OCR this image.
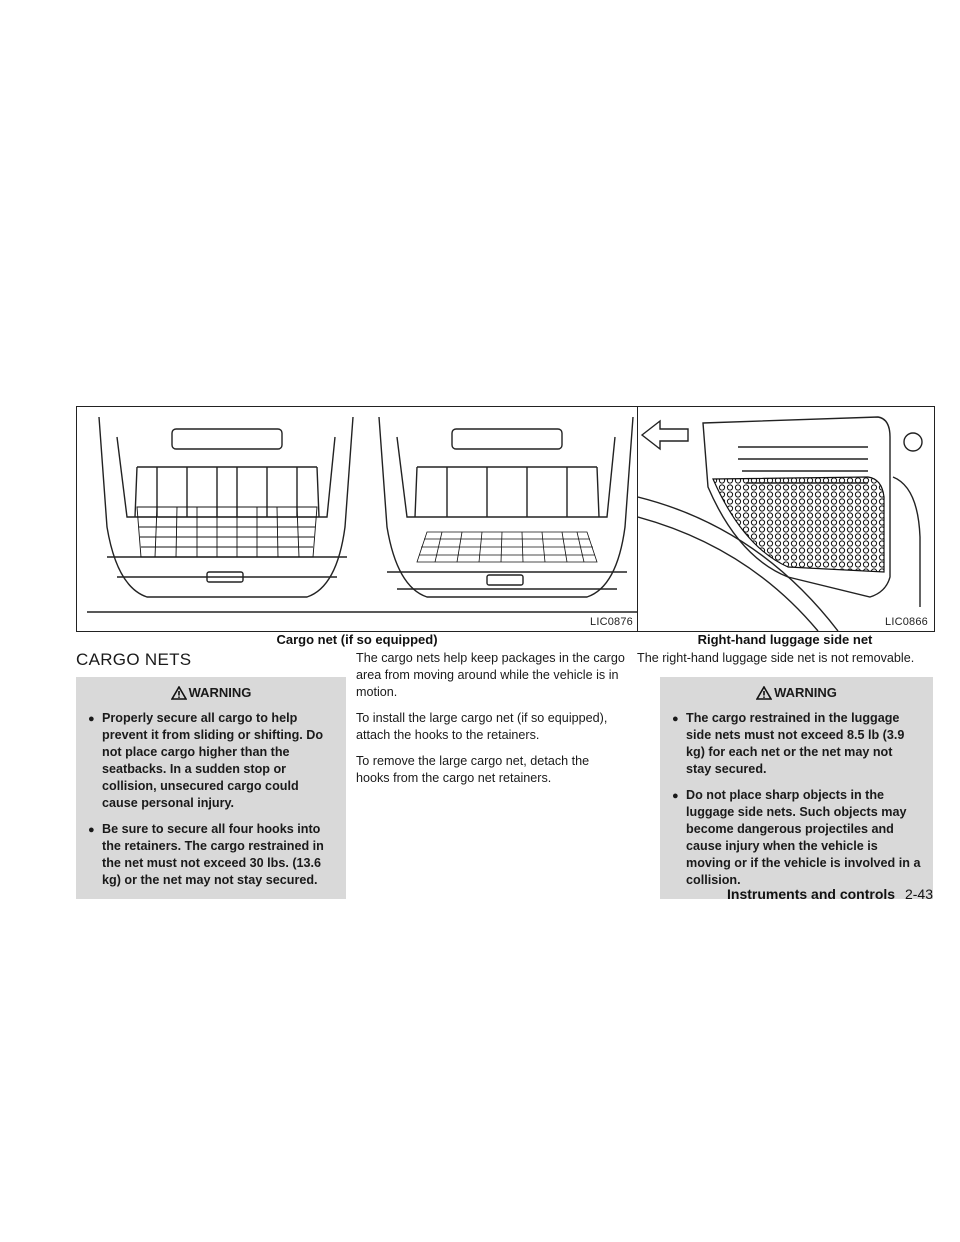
LIC0876	LIC0866
Cargo net (if so equipped)	Right-hand luggage side net
CARGO NETS
WARNING
● Properly secure all cargo to help prevent it from sliding or shifting. Do not place cargo higher than the seatbacks. In a sudden stop or collision, unsecured cargo could cause personal injury.
● Be sure to secure all four hooks into the retainers. The cargo restrained in the net must not exceed 30 lbs. (13.6 kg) or the net may not stay secured.

The cargo nets help keep packages in the cargo area from moving around while the vehicle is in motion.

To install the large cargo net (if so equipped), attach the hooks to the retainers.

To remove the large cargo net, detach the hooks from the cargo net retainers.

The right-hand luggage side net is not removable.

WARNING
● The cargo restrained in the luggage side nets must not exceed 8.5 lb (3.9 kg) for each net or the net may not stay secured.
● Do not place sharp objects in the luggage side nets. Such objects may become dangerous projectiles and cause injury when the vehicle is moving or if the vehicle is involved in a collision.
Instruments and controls 2-43
